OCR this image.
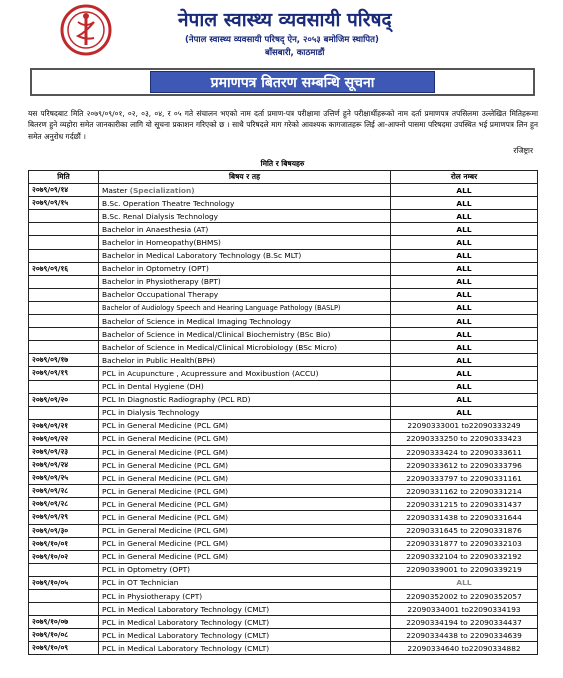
नेपाल स्वास्थ्य व्यवसायी परिषद्
(नेपाल स्वास्थ्य व्यवसायी परिषद् ऐन, २०५३ बमोजिम स्थापित)
बाँसबारी, काठमाडौं
प्रमाणपत्र बितरण सम्बन्धि सूचना
यस परिषदबाट मिति २०७९/०९/०१, ०२, ०३, ०४, र ०५ गते संचालन भएको नाम दर्ता प्रमाण-पत्र परीक्षामा उत्तिर्ण हुने परीक्षार्थीहरूको नाम दर्ता प्रमाणपत्र तपसिलमा उल्लेखित मितिहरूमा बितरण हुने व्यहोरा समेत जानकारीका लागि यो सूचना प्रकाशन गरिएको छ । साथै परिषदले माग गरेको आवश्यक कागजातहरू लिई आ-आफ्नो पासमा परिषदमा उपस्थित भई प्रमाणपत्र लिन हुन समेत अनुरोध गर्दछौं ।
रजिष्ट्रार
मिति र बिषयहरु
मिति	बिषय र तह	रोल नम्बर
२०७९/०९/१४	Master (Specialization)	ALL
२०७९/०९/१५	B.Sc. Operation Theatre Technology	ALL
	B.Sc. Renal Dialysis Technology	ALL
	Bachelor in Anaesthesia (AT)	ALL
	Bachelor in Homeopathy(BHMS)	ALL
	Bachelor in Medical Laboratory Technology (B.Sc MLT)	ALL
२०७९/०९/१६	Bachelor in Optometry (OPT)	ALL
	Bachelor in Physiotherapy (BPT)	ALL
	Bachelor Occupational Therapy	ALL
	Bachelor of Audiology Speech and Hearing Language Pathology (BASLP)	ALL
	Bachelor of Science in Medical Imaging Technology	ALL
	Bachelor of Science in Medical/Clinical Biochemistry (BSc Bio)	ALL
	Bachelor of Science in Medical/Clinical Microbiology (BSc Micro)	ALL
२०७९/०९/१७	Bachelor in Public Health(BPH)	ALL
२०७९/०९/१९	PCL in Acupuncture , Acupressure and Moxibustion (ACCU)	ALL
	PCL in Dental Hygiene (DH)	ALL
२०७९/०९/२०	PCL In Diagnostic Radiography (PCL RD)	ALL
	PCL in Dialysis Technology	ALL
२०७९/०९/२१	PCL in General Medicine (PCL GM)	22090333001 to22090333249
२०७९/०९/२२	PCL in General Medicine (PCL GM)	22090333250 to 22090333423
२०७९/०९/२३	PCL in General Medicine (PCL GM)	22090333424 to 22090333611
२०७९/०९/२४	PCL in General Medicine (PCL GM)	22090333612 to 22090333796
२०७९/०९/२५	PCL in General Medicine (PCL GM)	22090333797 to 22090331161
२०७९/०९/२८	PCL in General Medicine (PCL GM)	22090331162 to 22090331214
२०७९/०९/२८	PCL in General Medicine (PCL GM)	22090331215 to 22090331437
२०७९/०९/२९	PCL in General Medicine (PCL GM)	22090331438 to 22090331644
२०७९/०९/३०	PCL in General Medicine (PCL GM)	22090331645 to 22090331876
२०७९/१०/०१	PCL in General Medicine (PCL GM)	22090331877 to 22090332103
२०७९/१०/०२	PCL in General Medicine (PCL GM)	22090332104 to 22090332192
	PCL in Optometry (OPT)	22090339001 to 22090339219
२०७९/१०/०५	PCL in OT Technician	ALL
	PCL in Physiotherapy (CPT)	22090352002 to 22090352057
	PCL in Medical Laboratory Technology (CMLT)	22090334001 to22090334193
२०७९/१०/०७	PCL in Medical Laboratory Technology (CMLT)	22090334194 to 22090334437
२०७९/१०/०८	PCL in Medical Laboratory Technology (CMLT)	22090334438 to 22090334639
२०७९/१०/०९	PCL in Medical Laboratory Technology (CMLT)	22090334640 to22090334882
